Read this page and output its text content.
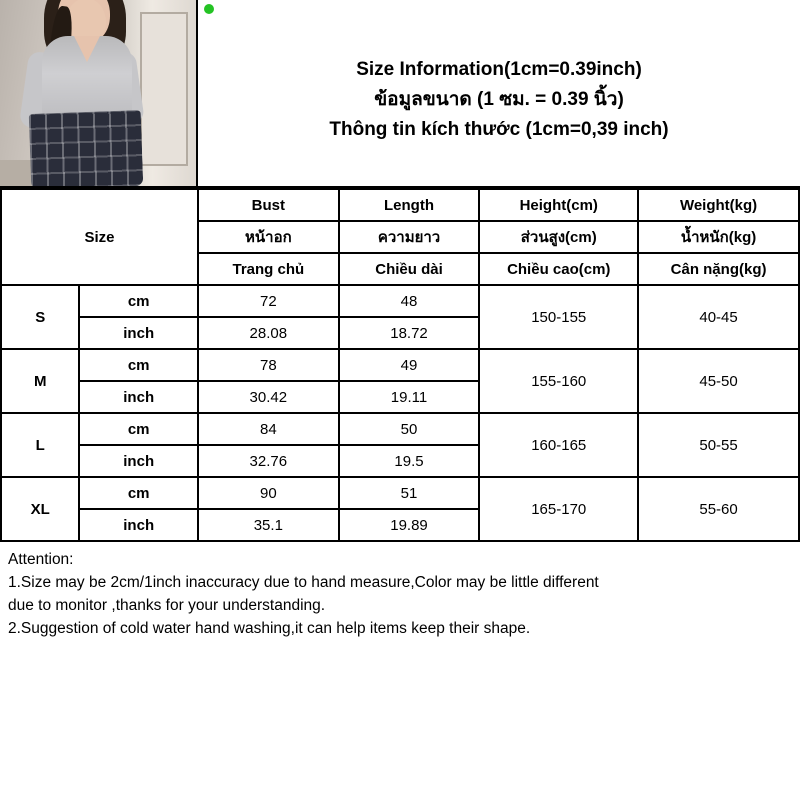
Size Information(1cm=0.39inch)
ข้อมูลขนาด (1 ซม. = 0.39 นิ้ว)
Thông tin kích thước (1cm=0,39 inch)
Size		Bust	Length	Height(cm)	Weight(kg)
		หน้าอก	ความยาว	ส่วนสูง(cm)	น้ำหนัก(kg)
		Trang chủ	Chiều dài	Chiều cao(cm)	Cân nặng(kg)
S	cm	72	48	150-155	40-45
	inch	28.08	18.72		
M	cm	78	49	155-160	45-50
	inch	30.42	19.11		
L	cm	84	50	160-165	50-55
	inch	32.76	19.5		
XL	cm	90	51	165-170	55-60
	inch	35.1	19.89		

Attention:

1.Size may be 2cm/1inch inaccuracy due to hand measure,Color may be little different

due to monitor ,thanks for your understanding.

2.Suggestion of cold water hand washing,it can help items keep their shape.
